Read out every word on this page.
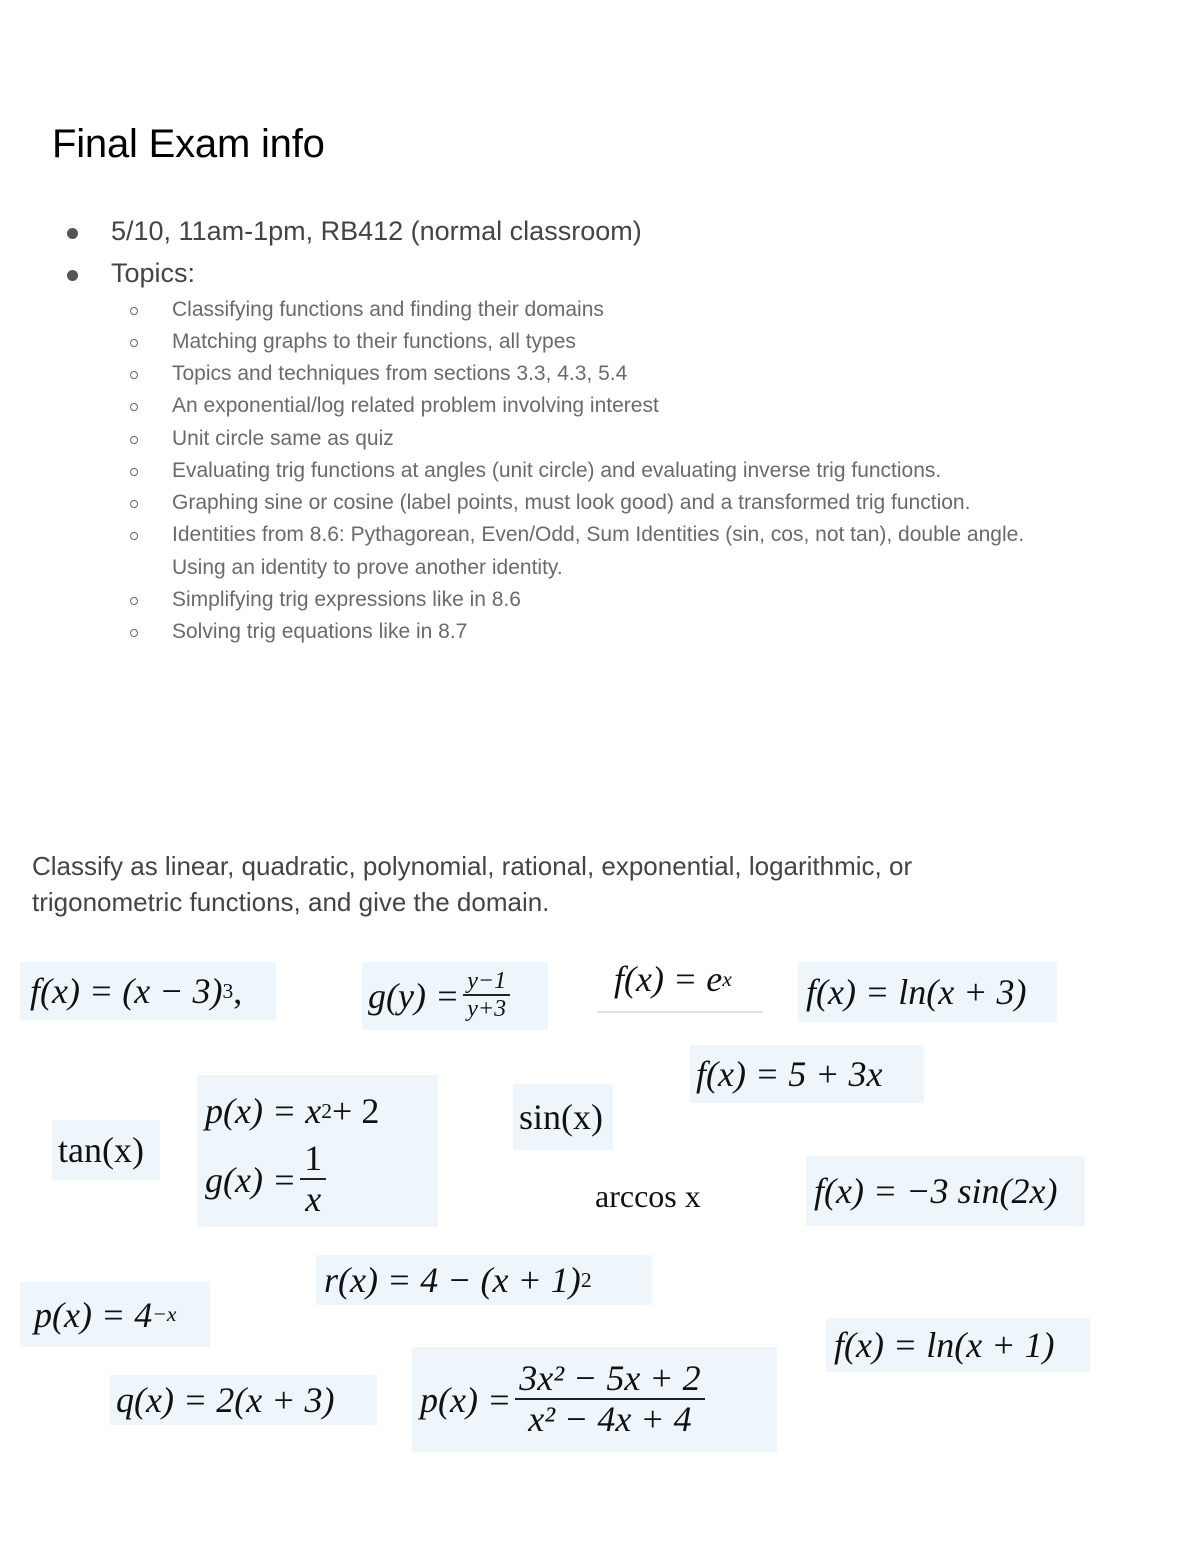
Final Exam info
5/10, 11am-1pm, RB412 (normal classroom)
Topics:
Classifying functions and finding their domains
Matching graphs to their functions, all types
Topics and techniques from sections 3.3, 4.3, 5.4
An exponential/log related problem involving interest
Unit circle same as quiz
Evaluating trig functions at angles (unit circle) and evaluating inverse trig functions.
Graphing sine or cosine (label points, must look good) and a transformed trig function.
Identities from 8.6: Pythagorean, Even/Odd, Sum Identities (sin, cos, not tan), double angle.
Using an identity to prove another identity.
Simplifying trig expressions like in 8.6
Solving trig equations like in 8.7
Classify as linear, quadratic, polynomial, rational, exponential, logarithmic, or
trigonometric functions, and give the domain.
f(x) = (x − 3) 3 ,	$g(y) = \frac{y-1}{y+3}$	f(x) = e x f(x) = ln(x + 3)
f(x) = 5 + 3x
tan(x)
p(x) = x 2 + 2
$g(x) = \frac{1}{x}$
sin(x)
arccos x	f(x) = −3 sin(2x)
r(x) = 4 − (x + 1) 2
p(x) = 4 −x
f(x) = ln(x + 1)
q(x) = 2(x + 3) $p(x) = \frac{\text{3x² − 5x + 2}}{\text{x² − 4x + 4}}$
